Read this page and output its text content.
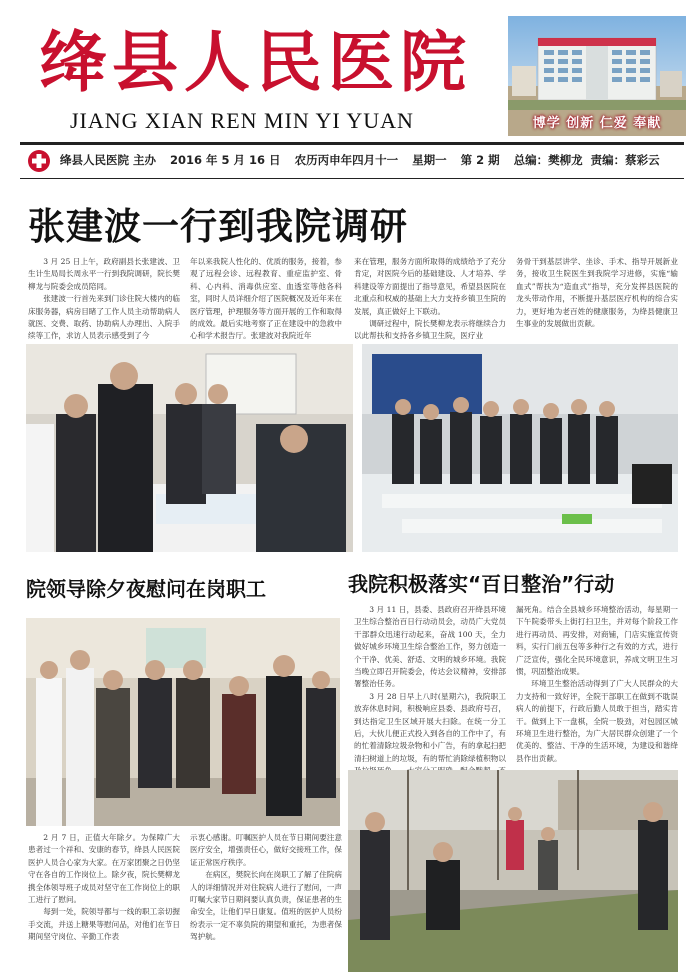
绛县人民医院
JIANG XIAN REN MIN YI YUAN	博学 创新 仁爱 奉献
绛县人民医院 主办 2016 年 5 月 16 日 农历丙申年四月十一 星期一 第 2 期 总编：樊柳龙 责编：蔡彩云
张建波一行到我院调研

3 月 25 日上午，政府副县长张建波、卫生计生局局长周永平一行到我院调研，院长樊柳龙与院委会成员陪同。

张建波一行首先来到门诊住院大楼内的临床服务器，病房目睹了工作人员主动帮助病人就医、交费、取药、协助病人办理出、入院手续等工作，求访人员表示感受到了今

年以来我院人性化的、优质的服务，接着，参观了远程会诊、远程教育、重症监护室、骨科、心内科、消毒供应室、血透室等他各科室，同时人员详细介绍了医院概况及近年来在医疗管理，护理服务等方面开展的工作和取得的成效。最后实地考察了正在建设中的急救中心和学术报告厅。张建波对我院近年

来在管理，服务方面所取得的成绩给予了充分肯定，对医院今后的基础建设、人才培养、学科建设等方面提出了指导意见，希望县医院在北重点和权威的基础上大力支持乡镇卫生院的发展，真正做好上下联动。

调研过程中，院长樊柳龙表示将继续合力以此帮扶和支持各乡镇卫生院，医疗业

务骨干到基层讲学、坐诊、手术、指导开展新业务，接收卫生院医生到我院学习进修，实施“输血式”帮扶为“造血式”指导，充分发挥县医院的龙头带动作用，不断提升基层医疗机构的综合实力，更好地为老百姓的健康服务，为绛县健康卫生事业的发展做出贡献。

院领导除夕夜慰问在岗职工

2 月 7 日，正值大年除夕。为保障广大患者过一个祥和、安康的春节，绛县人民医院医护人员合心家为大家。在万家团聚之日仍坚守在各自的工作岗位上。除夕夜，院长樊柳龙携全体领导班子成员对坚守在工作岗位上的职工进行了慰问。

每到一处，院领导都与一线的职工亲切握手交流，并送上糖果等慰问品，对他们在节日期间坚守岗位、辛勤工作表

示衷心感谢。叮嘱医护人员在节日期间要注意医疗安全，增强责任心，做好交接班工作，保证正常医疗秩序。

在病区，樊院长向在岗职工了解了住院病人的详细情况并对住院病人进行了慰问，一声叮嘱大家节日期间要认真负责，保证患者的生命安全，让他们早日康复。值班的医护人员纷纷表示一定不辜负院的期望和重托，为患者保驾护航。

我院积极落实“百日整治”行动

3 月 11 日，县委、县政府召开绛县环境卫生综合整治百日行动动员会，动员广大党员干部群众迅速行动起来，奋战 100 天，全力做好城乡环境卫生综合整治工作，努力创造一个干净、优美、舒适、文明的城乡环境。我院当晚立即召开院委会，传达会议精神，安排部署整治任务。

3 月 28 日早上八时(星期六)，我院职工放弃休息时间，积极响应县委、县政府号召，到达指定卫生区域开展大扫除。在统一分工后，大伙儿便正式投入到各自的工作中了，有的忙着清除垃圾杂物和小广告，有的拿起扫把清扫树道上的垃圾，有的帮忙消除绿植积物以

漏死角。结合全县城乡环境整治活动，每星期一下午院委带头上街打扫卫生，并对每个阶段工作进行再动员、再安排，对商铺，门店实施宣传资料，实行门前五包等多种行之有效的方式，进行广泛宣传，强化全民环境意识，养成文明卫生习惯，巩固整治成果。

环境卫生整治活动得到了广大人民群众的大力支持和一致好评，全院干部职工在做到不耽误病人的前提下，行政后勤人员敢于担当，踏实肯干。做到上下一盘棋，全院一股劲，对包园区城环境卫生进行整治，为广大居民群众创建了一个优美的、整洁、干净的生活环境，为建设和谐绛县作出贡献。
